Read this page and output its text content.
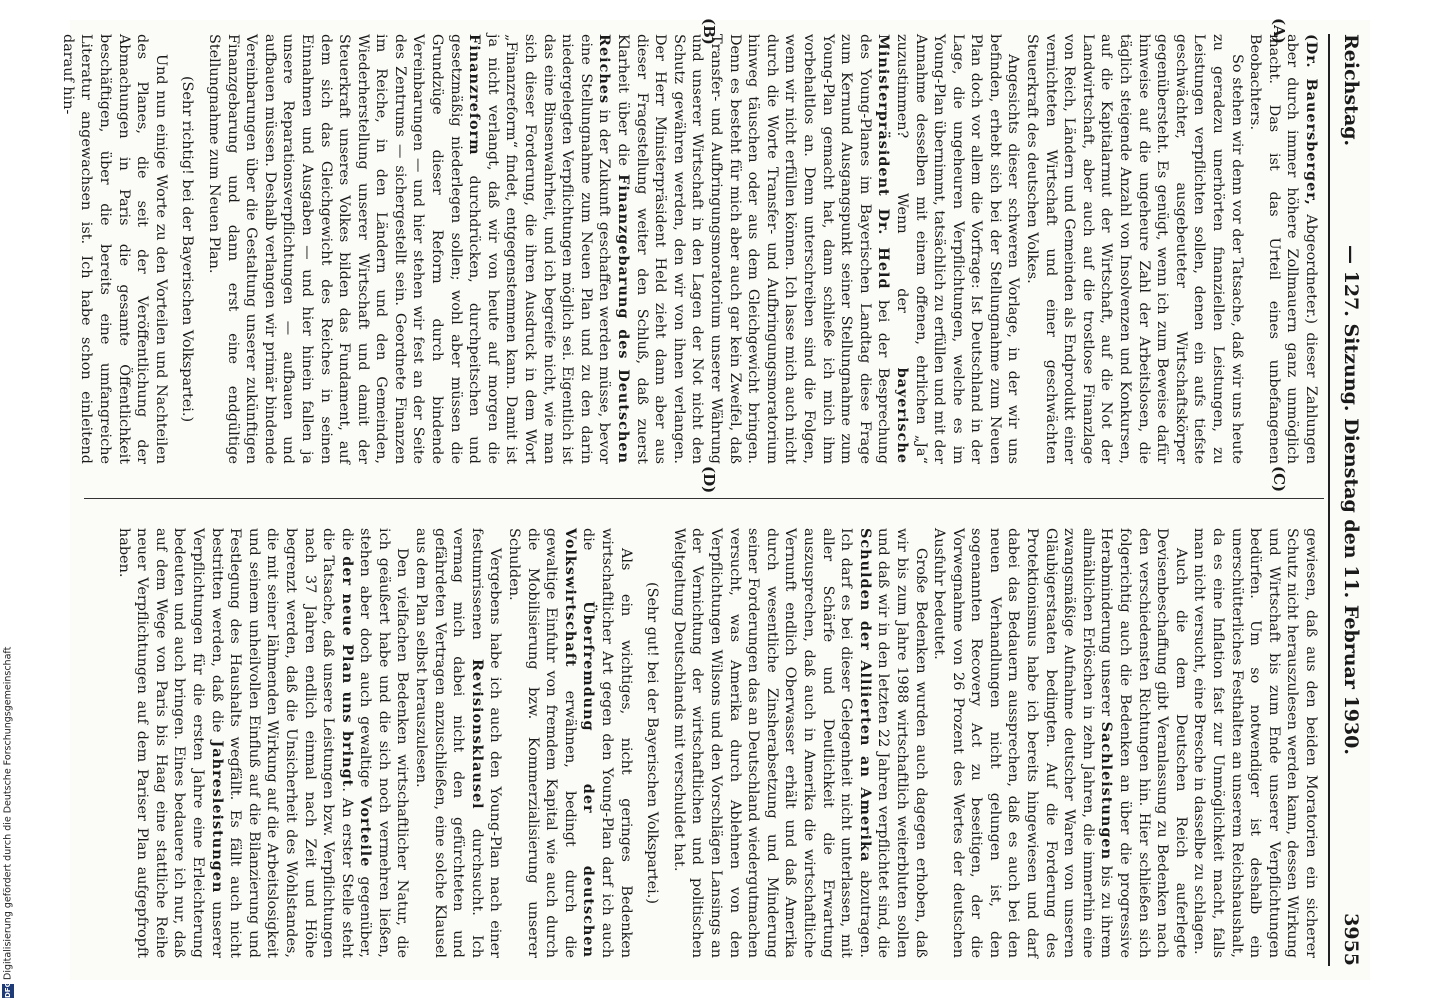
Reichstag.
— 127. Sitzung. Dienstag den 11. Februar 1930.
3955
(A)
(B)
(C)
(D)

(Dr. Bauersberger, Abgeordneter.) dieser Zahlungen aber durch immer höhere Zollmauern ganz unmöglich macht. Das ist das Urteil eines unbefangenen Beobachters.

So stehen wir denn vor der Tatsache, daß wir uns heute zu geradezu unerhörten finanziellen Leistungen, zu Leistungen verpflichten sollen, denen ein aufs tiefste geschwächter, ausgebeuteter Wirtschaftskörper gegenübersteht. Es genügt, wenn ich zum Beweise dafür hinweise auf die ungeheure Zahl der Arbeitslosen, die täglich steigende Anzahl von Insolvenzen und Konkursen, auf die Kapitalarmut der Wirtschaft, auf die Not der Landwirtschaft, aber auch auf die trostlose Finanzlage von Reich, Ländern und Gemeinden als Endprodukt einer vernichteten Wirtschaft und einer geschwächten Steuerkraft des deutschen Volkes.

Angesichts dieser schweren Vorlage, in der wir uns befinden, erhebt sich bei der Stellungnahme zum Neuen Plan doch vor allem die Vorfrage: Ist Deutschland in der Lage, die ungeheuren Verpflichtungen, welche es im Young-Plan übernimmt, tatsächlich zu erfüllen und mit der Annahme desselben mit einem offenen, ehrlichen „Ja“ zuzustimmen? Wenn der bayerische Ministerpräsident Dr. Held bei der Besprechung des Young-Planes im Bayerischen Landtag diese Frage zum Kernund Ausgangspunkt seiner Stellungnahme zum Young-Plan gemacht hat, dann schließe ich mich ihm vorbehaltlos an. Denn unterschreiben sind die Folgen, wenn wir nicht erfüllen können. Ich lasse mich auch nicht durch die Worte Transfer- und Aufbringungsmoratorium hinweg täuschen oder aus dem Gleichgewicht bringen. Denn es besteht für mich aber auch gar kein Zweifel, daß Transfer- und Aufbringungsmoratorium unserer Währung und unserer Wirtschaft in den Lagen der Not nicht den Schutz gewähren werden, den wir von ihnen verlangen. Der Herr Ministerpräsident Held zieht dann aber aus dieser Fragestellung weiter den Schluß, daß zuerst Klarheit über die Finanzgebarung des Deutschen Reiches in der Zukunft geschaffen werden müsse, bevor eine Stellungnahme zum Neuen Plan und zu den darin niedergelegten Verpflichtungen möglich sei. Eigentlich ist das eine Binsenwahrheit, und ich begreife nicht, wie man sich dieser Forderung, die ihren Ausdruck in dem Wort „Finanzreform“ findet, entgegenstemmen kann. Damit ist ja nicht verlangt, daß wir von heute auf morgen die Finanzreform durchdrücken, durchpeitschen und gesetzmäßig niederlegen sollen; wohl aber müssen die Grundzüge dieser Reform durch bindende Vereinbarungen — und hier stehen wir fest an der Seite des Zentrums — sichergestellt sein. Geordnete Finanzen im Reiche, in den Ländern und den Gemeinden, Wiederherstellung unserer Wirtschaft und damit der Steuerkraft unseres Volkes bilden das Fundament, auf dem sich das Gleichgewicht des Reiches in seinen Einnahmen und Ausgaben — und hier hinein fallen ja unsere Reparationsverpflichtungen — aufbauen und aufbauen müssen. Deshalb verlangen wir primär bindende Vereinbarungen über die Gestaltung unserer zukünftigen Finanzgebarung und dann erst eine endgültige Stellungnahme zum Neuen Plan.

(Sehr richtig! bei der Bayerischen Volkspartei.)

Und nun einige Worte zu den Vorteilen und Nachteilen des Planes, die seit der Veröffentlichung der Abmachungen in Paris die gesamte Öffentlichkeit beschäftigen, über die bereits eine umfangreiche Literatur angewachsen ist. Ich habe schon einleitend darauf hin-

gewiesen, daß aus den beiden Moratorien ein sicherer Schutz nicht herauszulesen werden kann, dessen Wirkung und Wirtschaft bis zum Ende unserer Verpflichtungen bedürfen. Um so notwendiger ist deshalb ein unerschütterliches Festhalten an unserem Reichshaushalt, da es eine Inflation fast zur Unmöglichkeit macht, falls man nicht versucht, eine Bresche in dasselbe zu schlagen.

Auch die dem Deutschen Reich auferlegte Devisenbeschaffung gibt Veranlassung zu Bedenken nach den verschiedensten Richtungen hin. Hier schließen sich folgerichtig auch die Bedenken an über die progressive Herabminderung unserer Sachleistungen bis zu ihrem allmählichen Erlöschen in zehn Jahren, die immerhin eine zwangsmäßige Aufnahme deutscher Waren von unseren Gläubigerstaaten bedingten. Auf die Forderung des Protektionismus habe ich bereits hingewiesen und darf dabei das Bedauern aussprechen, daß es auch bei den neuen Verhandlungen nicht gelungen ist, den sogenannten Recovery Act zu beseitigen, der die Vorwegnahme von 26 Prozent des Wertes der deutschen Ausfuhr bedeutet.

Große Bedenken wurden auch dagegen erhoben, daß wir bis zum Jahre 1988 wirtschaftlich weiterbluten sollen und daß wir in den letzten 22 Jahren verpflichtet sind, die Schulden der Alliierten an Amerika abzutragen. Ich darf es bei dieser Gelegenheit nicht unterlassen, mit aller Schärfe und Deutlichkeit die Erwartung auszusprechen, daß auch in Amerika die wirtschaftliche Vernunft endlich Oberwasser erhält und daß Amerika durch wesentliche Zinsherabsetzung und Minderung seiner Forderungen das an Deutschland wiedergutmachen versucht, was Amerika durch Ablehnen von den Verpflichtungen Wilsons und den Vorschlägen Lansings an der Vernichtung der wirtschaftlichen und politischen Weltgeltung Deutschlands mit verschuldet hat.

(Sehr gut! bei der Bayerischen Volkspartei.)

Als ein wichtiges, nicht geringes Bedenken wirtschaftlicher Art gegen den Young-Plan darf ich auch die Überfremdung der deutschen Volkswirtschaft erwähnen, bedingt durch die gewaltige Einfuhr von fremdem Kapital wie auch durch die Mobilisierung bzw. Kommerzialisierung unserer Schulden.

Vergebens habe ich auch den Young-Plan nach einer festumrissenen Revisionsklausel durchsucht. Ich vermag mich dabei nicht den gefürchteten und gefährdeten Vertragen anzuschließen, eine solche Klausel aus dem Plan selbst herauszulesen.

Den vielfachen Bedenken wirtschaftlicher Natur, die ich geäußert habe und die sich noch vermehren ließen, stehen aber doch auch gewaltige Vorteile gegenüber, die der neue Plan uns bringt. An erster Stelle steht die Tatsache, daß unsere Leistungen bzw. Verpflichtungen nach 37 Jahren endlich einmal nach Zeit und Höhe begrenzt werden, daß die Unsicherheit des Wohlstandes, die mit seiner lähmenden Wirkung auf die Arbeitslosigkeit und seinem unheilvollen Einfluß auf die Bilanzierung und Festlegung des Haushalts wegfällt. Es fällt auch nicht bestritten werden, daß die Jahresleistungen unserer Verpflichtungen für die ersten Jahre eine Erleichterung bedeuten und auch bringen. Eines bedauere ich nur, daß auf dem Wege von Paris bis Haag eine stattliche Reihe neuer Verpflichtungen auf dem Pariser Plan aufgepfropft haben.

DFGDigitalisierung gefördert durch die Deutsche Forschungsgemeinschaft
